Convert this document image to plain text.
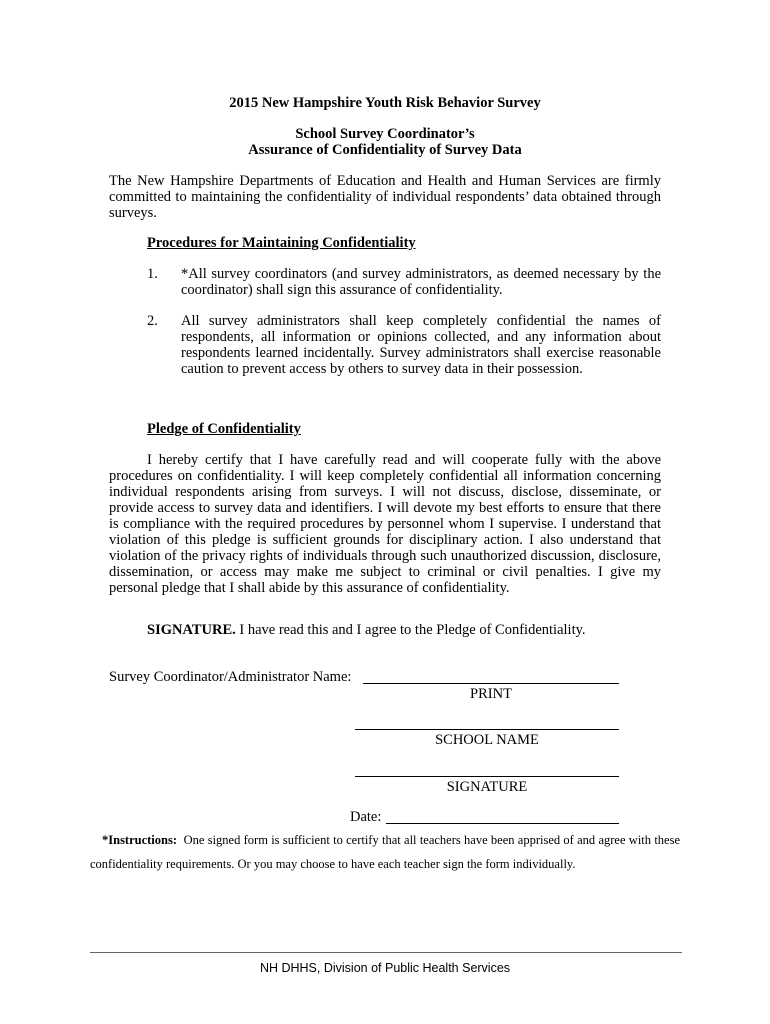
2015 New Hampshire Youth Risk Behavior Survey
School Survey Coordinator’s
Assurance of Confidentiality of Survey Data
The New Hampshire Departments of Education and Health and Human Services are firmly committed to maintaining the confidentiality of individual respondents’ data obtained through surveys.
Procedures for Maintaining Confidentiality
1. *All survey coordinators (and survey administrators, as deemed necessary by the coordinator) shall sign this assurance of confidentiality.
2. All survey administrators shall keep completely confidential the names of respondents, all information or opinions collected, and any information about respondents learned incidentally. Survey administrators shall exercise reasonable caution to prevent access by others to survey data in their possession.
Pledge of Confidentiality
I hereby certify that I have carefully read and will cooperate fully with the above procedures on confidentiality. I will keep completely confidential all information concerning individual respondents arising from surveys. I will not discuss, disclose, disseminate, or provide access to survey data and identifiers. I will devote my best efforts to ensure that there is compliance with the required procedures by personnel whom I supervise. I understand that violation of this pledge is sufficient grounds for disciplinary action. I also understand that violation of the privacy rights of individuals through such unauthorized discussion, disclosure, dissemination, or access may make me subject to criminal or civil penalties. I give my personal pledge that I shall abide by this assurance of confidentiality.
SIGNATURE. I have read this and I agree to the Pledge of Confidentiality.
Survey Coordinator/Administrator Name:
PRINT
SCHOOL NAME
SIGNATURE
Date:
*Instructions: One signed form is sufficient to certify that all teachers have been apprised of and agree with these confidentiality requirements. Or you may choose to have each teacher sign the form individually.
NH DHHS, Division of Public Health Services
